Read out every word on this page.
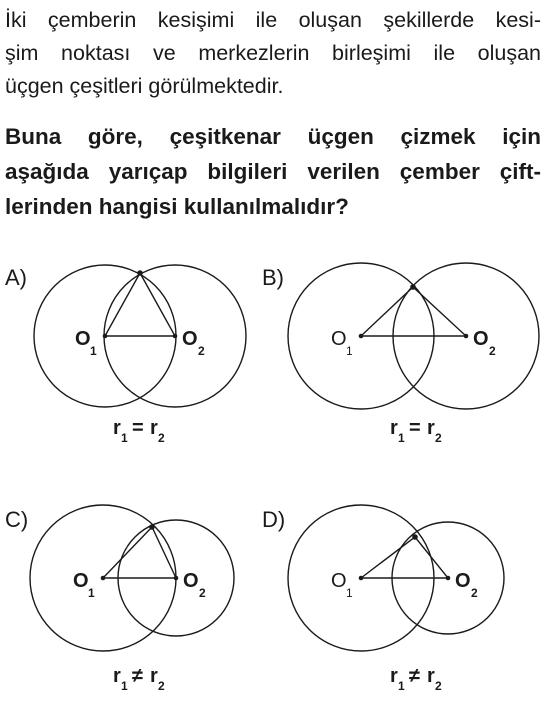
İki çemberin kesişimi ile oluşan şekillerde kesi-
şim noktası ve merkezlerin birleşimi ile oluşan
üçgen çeşitleri görülmektedir.
Buna göre, çeşitkenar üçgen çizmek için
aşağıda yarıçap bilgileri verilen çember çift-
lerinden hangisi kullanılmalıdır?
A)	B)
C)	D)
O
1
O
2
O
1
O
2
O
1
O
2
O
1
O
2
r 1 = r 2	r 1 = r 2
r 1 ≠ r 2	r 1 ≠ r 2
